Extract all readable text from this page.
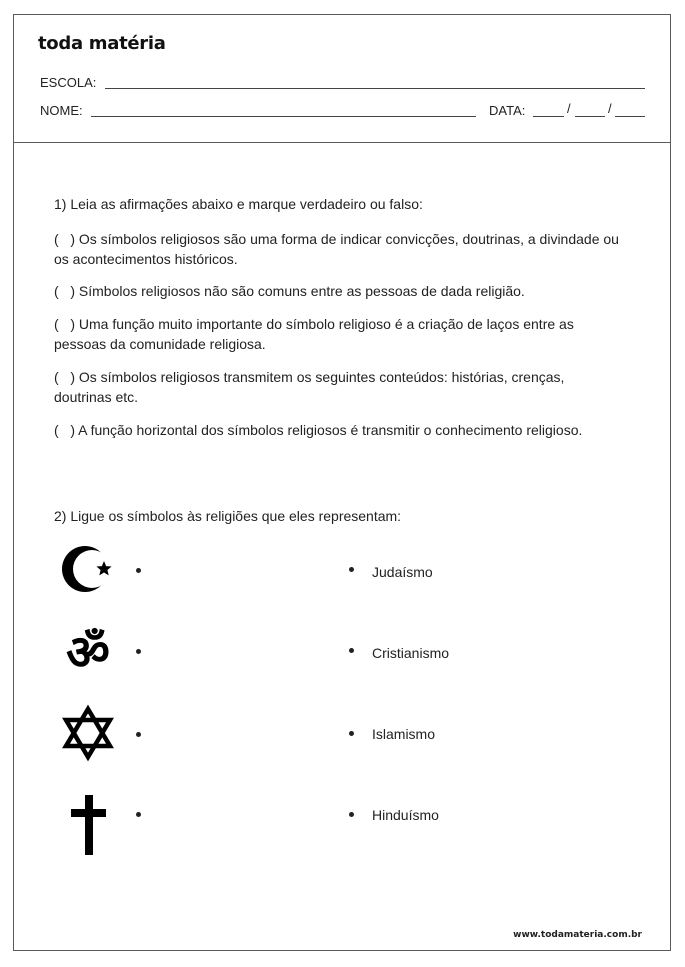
toda matéria
ESCOLA:
NOME:	DATA:	/	/
1) Leia as afirmações abaixo e marque verdadeiro ou falso:
(   ) Os símbolos religiosos são uma forma de indicar convicções, doutrinas, a divindade ou os acontecimentos históricos.
(   ) Símbolos religiosos não são comuns entre as pessoas de dada religião.
(   ) Uma função muito importante do símbolo religioso é a criação de laços entre as pessoas da comunidade religiosa.
(   ) Os símbolos religiosos transmitem os seguintes conteúdos: histórias, crenças, doutrinas etc.
(   ) A função horizontal dos símbolos religiosos é transmitir o conhecimento religioso.
2) Ligue os símbolos às religiões que eles representam:
ॐ
Judaísmo
Cristianismo
Islamismo
Hinduísmo
www.todamateria.com.br
